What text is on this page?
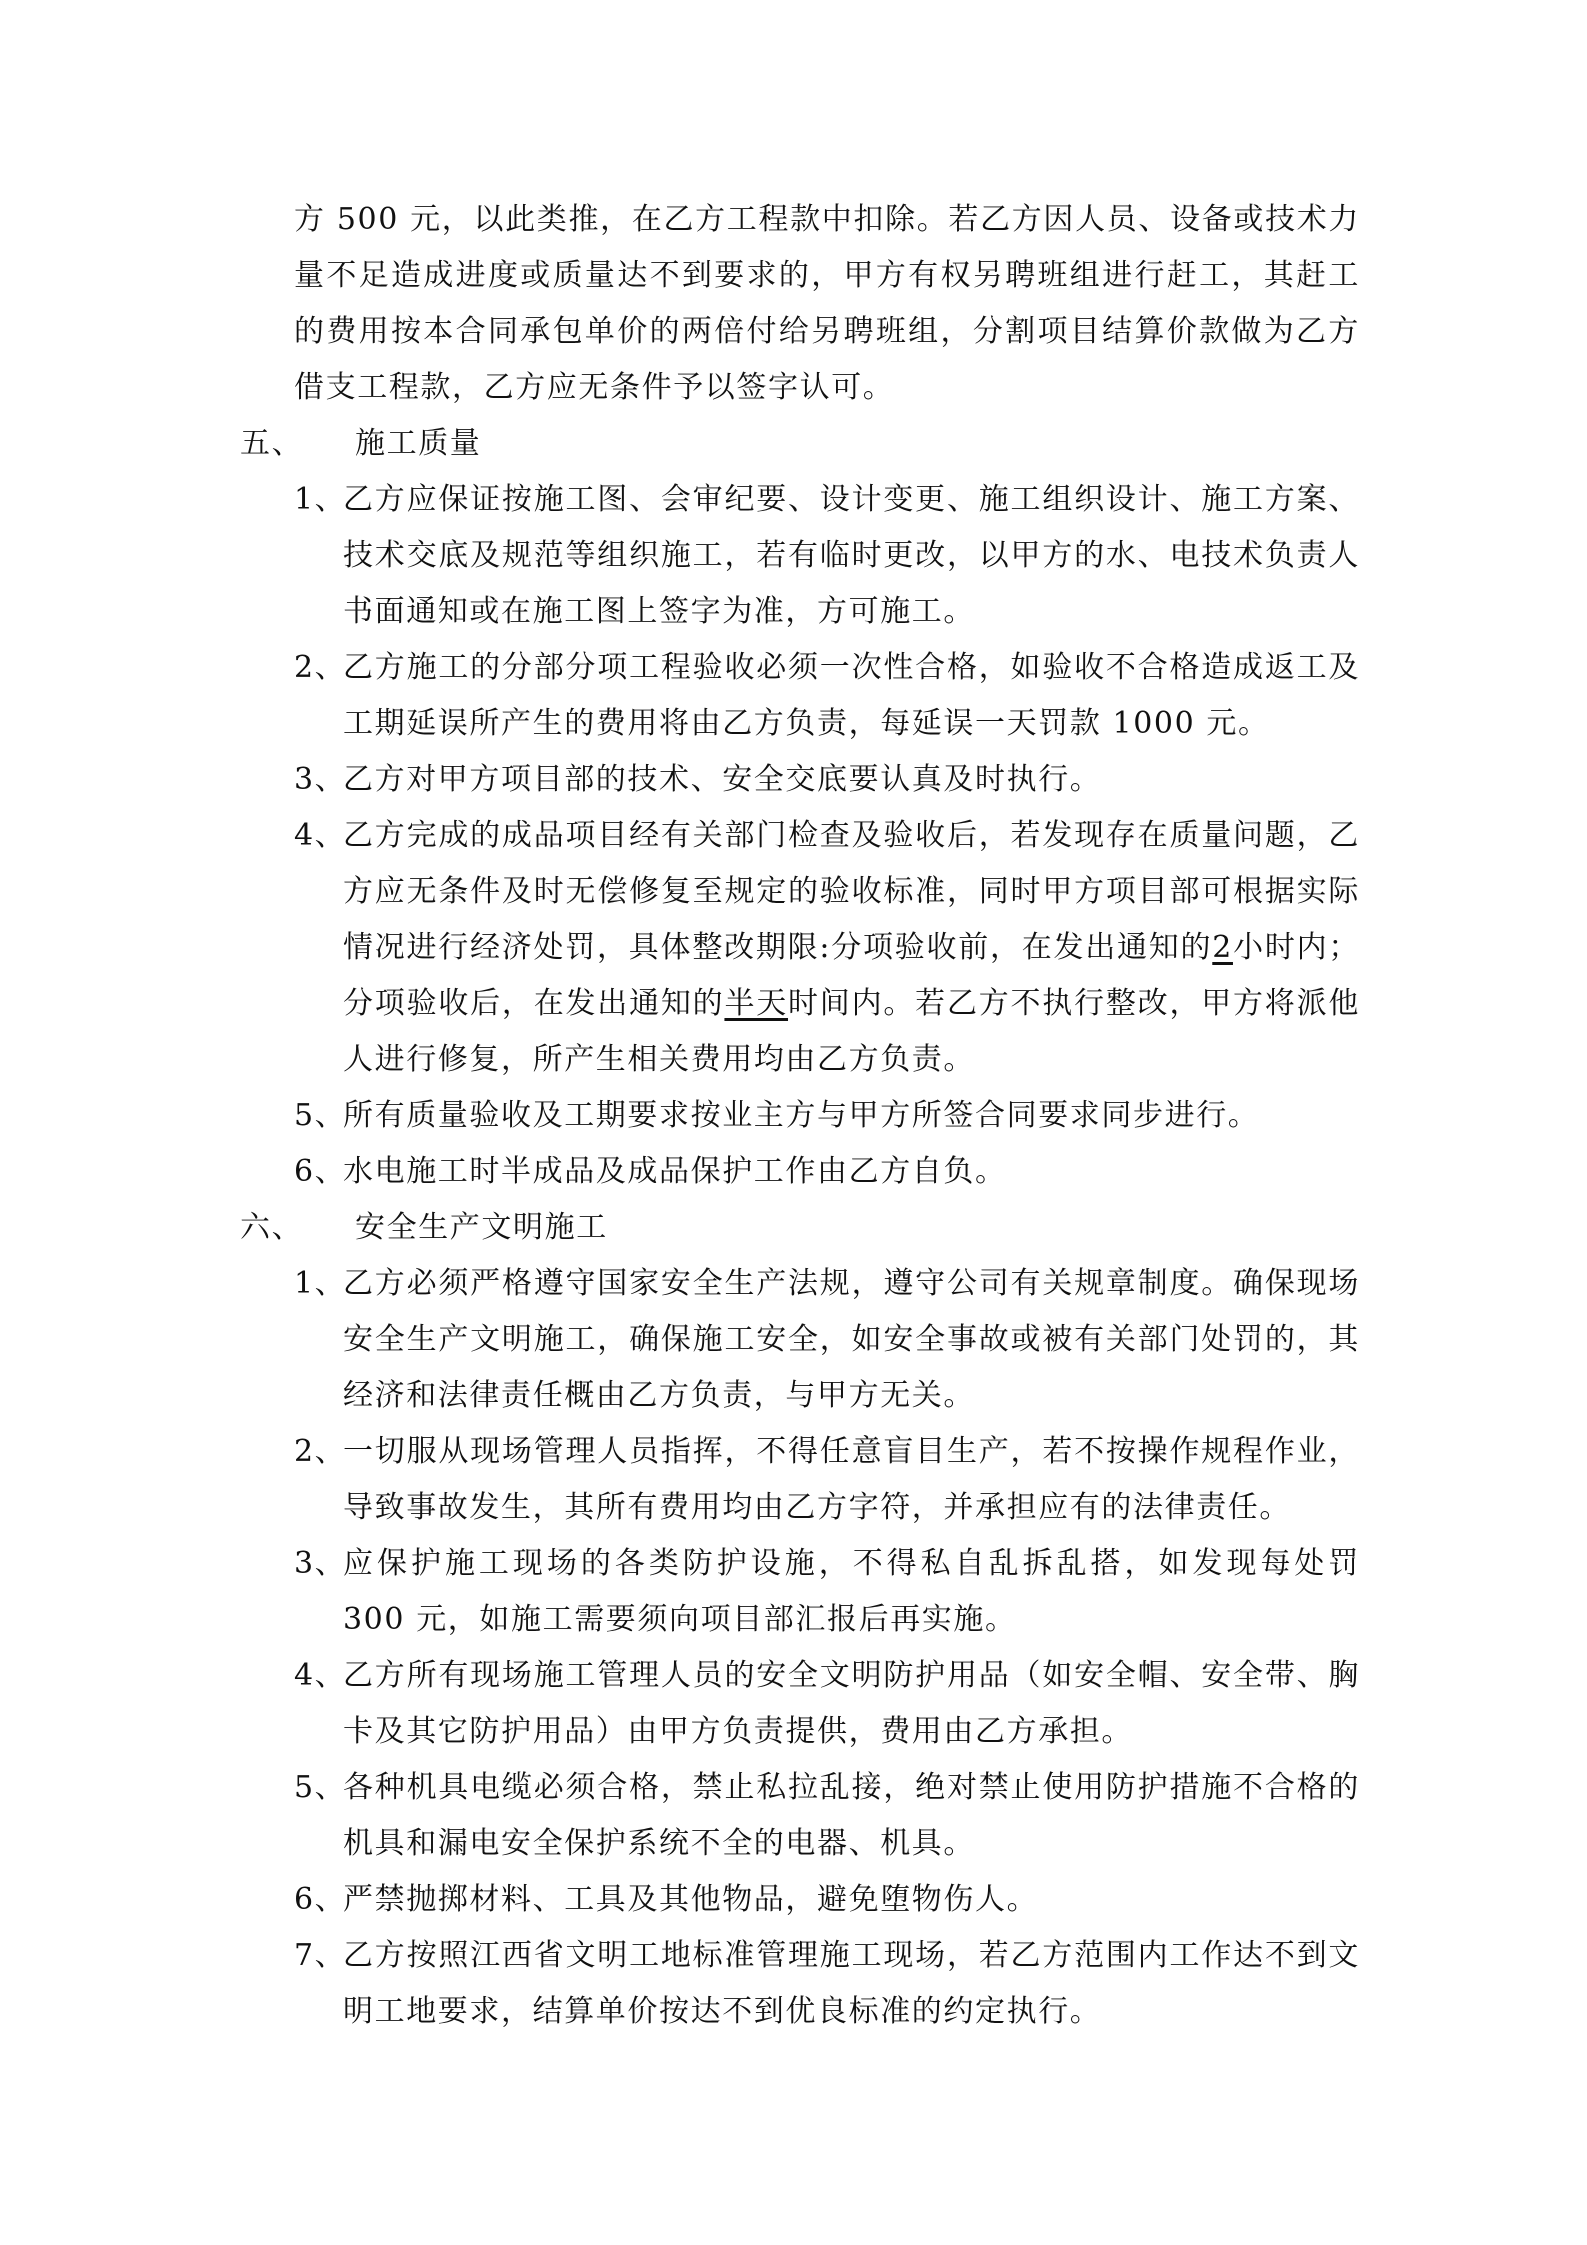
方 500 元，以此类推，在乙方工程款中扣除。若乙方因人员、设备或技术力量不足造成进度或质量达不到要求的，甲方有权另聘班组进行赶工，其赶工的费用按本合同承包单价的两倍付给另聘班组，分割项目结算价款做为乙方借支工程款，乙方应无条件予以签字认可。

五、 施工质量

1、
乙方应保证按施工图、会审纪要、设计变更、施工组织设计、施工方案、技术交底及规范等组织施工，若有临时更改，以甲方的水、电技术负责人书面通知或在施工图上签字为准，方可施工。

2、
乙方施工的分部分项工程验收必须一次性合格，如验收不合格造成返工及工期延误所产生的费用将由乙方负责，每延误一天罚款 1000 元。

3、
乙方对甲方项目部的技术、安全交底要认真及时执行。

4、
乙方完成的成品项目经有关部门检查及验收后，若发现存在质量问题，乙方应无条件及时无偿修复至规定的验收标准，同时甲方项目部可根据实际情况进行经济处罚，具体整改期限:分项验收前，在发出通知的2小时内；分项验收后，在发出通知的半天时间内。若乙方不执行整改，甲方将派他人进行修复，所产生相关费用均由乙方负责。

5、
所有质量验收及工期要求按业主方与甲方所签合同要求同步进行。

6、
水电施工时半成品及成品保护工作由乙方自负。

六、 安全生产文明施工

1、
乙方必须严格遵守国家安全生产法规，遵守公司有关规章制度。确保现场安全生产文明施工，确保施工安全，如安全事故或被有关部门处罚的，其经济和法律责任概由乙方负责，与甲方无关。

2、
一切服从现场管理人员指挥，不得任意盲目生产，若不按操作规程作业，导致事故发生，其所有费用均由乙方字符，并承担应有的法律责任。

3、
应保护施工现场的各类防护设施，不得私自乱拆乱搭，如发现每处罚 300 元，如施工需要须向项目部汇报后再实施。

4、
乙方所有现场施工管理人员的安全文明防护用品（如安全帽、安全带、胸卡及其它防护用品）由甲方负责提供，费用由乙方承担。

5、
各种机具电缆必须合格，禁止私拉乱接，绝对禁止使用防护措施不合格的机具和漏电安全保护系统不全的电器、机具。

6、
严禁抛掷材料、工具及其他物品，避免堕物伤人。

7、
乙方按照江西省文明工地标准管理施工现场，若乙方范围内工作达不到文明工地要求，结算单价按达不到优良标准的约定执行。
